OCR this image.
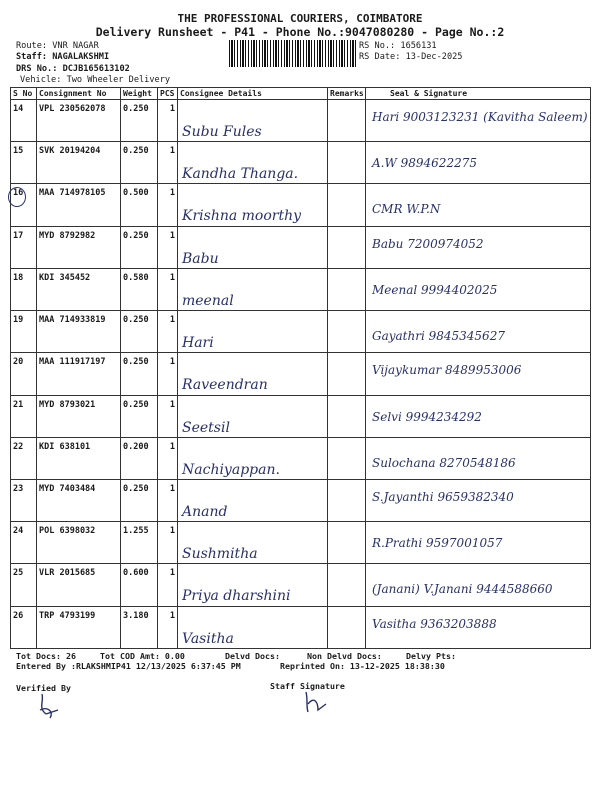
THE PROFESSIONAL COURIERS, COIMBATORE
Delivery Runsheet - P41 - Phone No.:9047080280 - Page No.:2
Route: VNR NAGAR
Staff: NAGALAKSHMI
DRS No.: DCJB165613102
Vehicle: Two Wheeler Delivery
RS No.: 1656131
RS Date: 13-Dec-2025
S No	Consignment No	Weight	PCS	Consignee Details	Remarks	Seal & Signature
14	VPL 230562078	0.250	1	Subu Fules		Hari 9003123231 (Kavitha Saleem)

15	SVK 20194204	0.250	1	Kandha Thanga.		A.W 9894622275

16	MAA 714978105	0.500	1	Krishna moorthy		CMR W.P.N

17	MYD 8792982	0.250	1	Babu		Babu 7200974052

18	KDI 345452	0.580	1	meenal		Meenal 9994402025

19	MAA 714933819	0.250	1	Hari		Gayathri 9845345627

20	MAA 111917197	0.250	1	Raveendran		Vijaykumar 8489953006

21	MYD 8793021	0.250	1	Seetsil		Selvi 9994234292

22	KDI 638101	0.200	1	Nachiyappan.		Sulochana 8270548186

23	MYD 7403484	0.250	1	Anand		S.Jayanthi 9659382340

24	POL 6398032	1.255	1	Sushmitha		R.Prathi 9597001057

25	VLR 2015685	0.600	1	Priya dharshini		(Janani) V.Janani 9444588660

26	TRP 4793199	3.180	1	Vasitha		Vasitha 9363203888
Tot Docs: 26	Tot COD Amt: 0.00	Delvd Docs:	Non Delvd Docs:	Delvy Pts:
Entered By :RLAKSHMIP41 12/13/2025 6:37:45 PM	Reprinted On: 13-12-2025 18:38:30
Verified By	Staff Signature
